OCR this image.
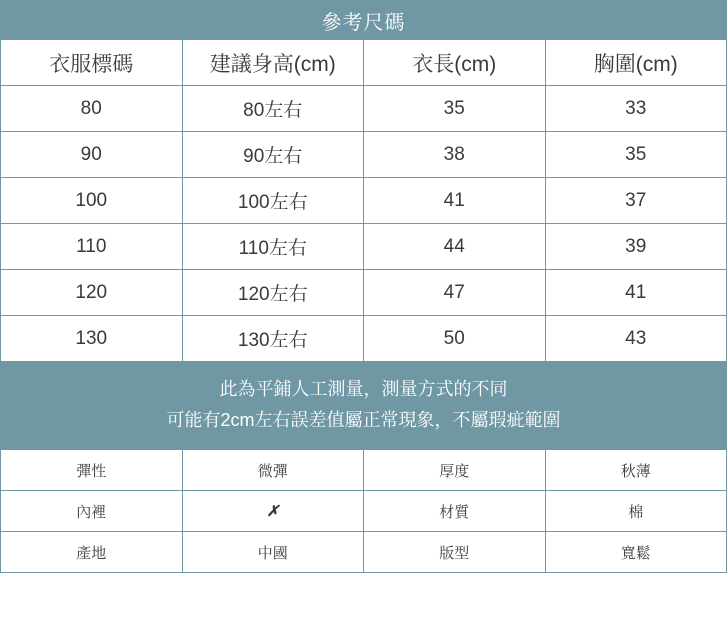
參考尺碼			
衣服標碼	建議身高(cm)	衣長(cm)	胸圍(cm)
80	80左右	35	33
90	90左右	38	35
100	100左右	41	37
110	110左右	44	39
120	120左右	47	41
130	130左右	50	43

此為平鋪人工測量，測量方式的不同
可能有2cm左右誤差值屬正常現象，不屬瑕疵範圍			

彈性	微彈	厚度	秋薄
內裡	✗	材質	棉
產地	中國	版型	寬鬆
